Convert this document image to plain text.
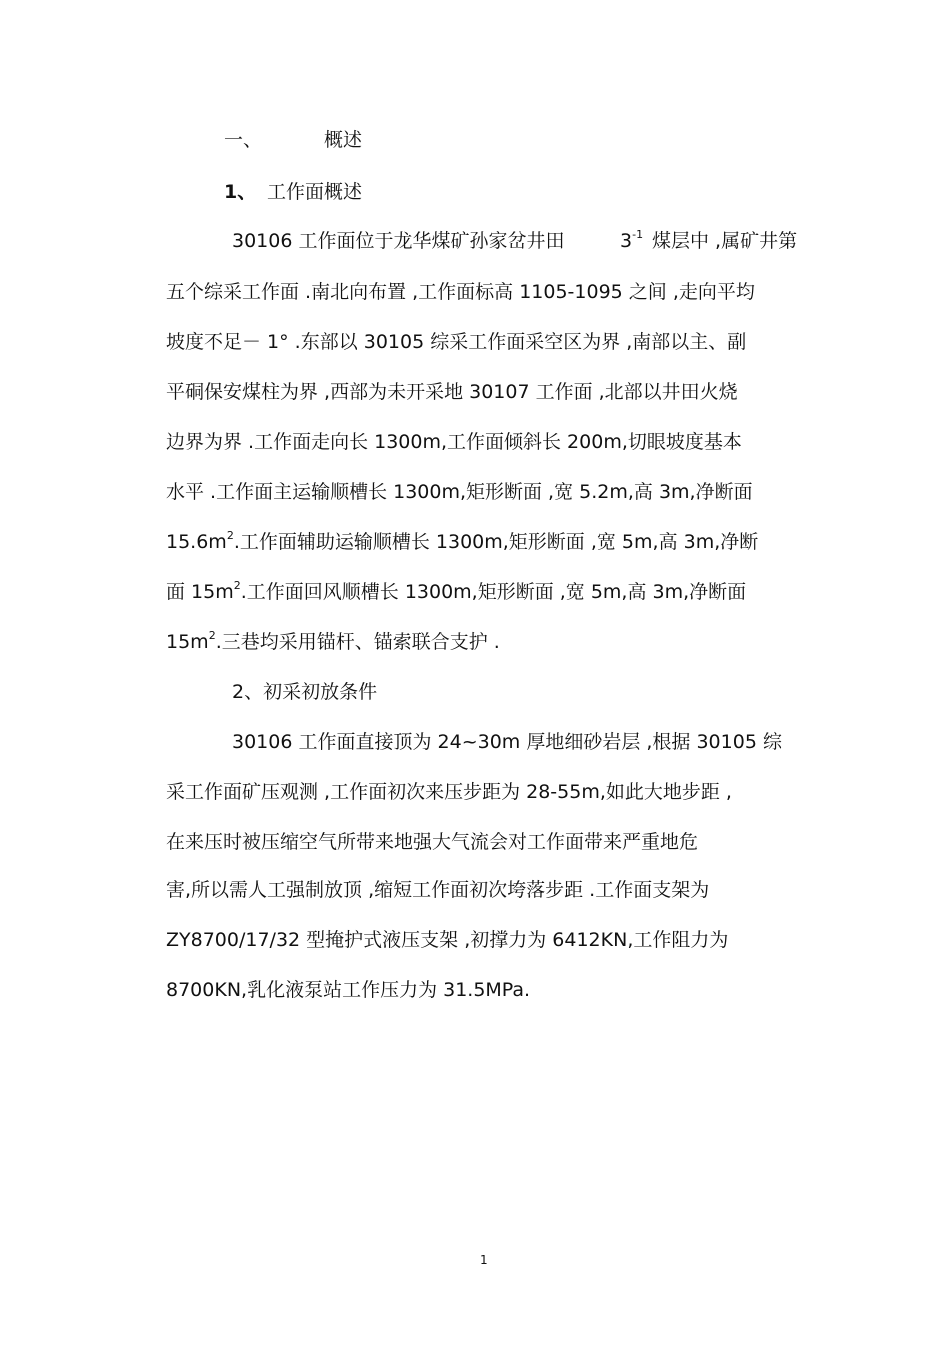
一、	概述
1、 工作面概述
30106 工作面位于龙华煤矿孙家岔井田	$3^{-1}$ 煤层中 ,属矿井第
五个综采工作面 .南北向布置 ,工作面标高 1105-1095 之间 ,走向平均
坡度不足－ 1° .东部以 30105 综采工作面采空区为界 ,南部以主、副
平硐保安煤柱为界 ,西部为未开采地 30107 工作面 ,北部以井田火烧
边界为界 .工作面走向长 1300m,工作面倾斜长 200m,切眼坡度基本
水平 .工作面主运输顺槽长 1300m,矩形断面 ,宽 5.2m,高 3m,净断面
$15.6m^2$.工作面辅助运输顺槽长 1300m,矩形断面 ,宽 5m,高 3m,净断
面 $15m^2$.工作面回风顺槽长 1300m,矩形断面 ,宽 5m,高 3m,净断面
$15m^2$.三巷均采用锚杆、锚索联合支护 .
2、初采初放条件
30106 工作面直接顶为 24~30m 厚地细砂岩层 ,根据 30105 综
采工作面矿压观测 ,工作面初次来压步距为 28-55m,如此大地步距 ,
在来压时被压缩空气所带来地强大气流会对工作面带来严重地危
害,所以需人工强制放顶 ,缩短工作面初次垮落步距 .工作面支架为
ZY8700/17/32 型掩护式液压支架 ,初撑力为 6412KN,工作阻力为
8700KN,乳化液泵站工作压力为 31.5MPa.
1
